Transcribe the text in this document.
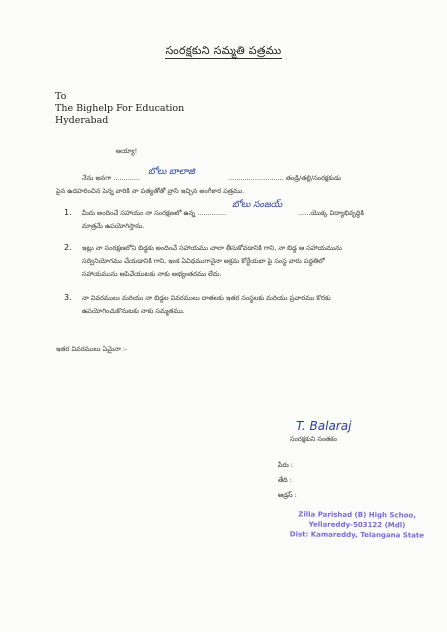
సంరక్షకుని సమ్మతి పత్రము
To
The Bighelp For Education
Hyderabad
అయ్యా!
నేను అనగా .............
బోలు బాలాజి
........................... తండ్రి/తల్లి/సంరక్షకుడు
పైన ఉదహరించిన పెన్న వారికి నా పత్యతోతో వ్రాసి ఇచ్చిన అంగీకార పత్రము.
1. మీరు అందించే సహాయం నా సంరక్షణలో ఉన్న ..............
బోలు సంజయ్
......యొక్క విద్యాభివృద్ధికి
మాత్రమే ఉపయోగిస్తాను.
2. ఇట్లు నా సంరక్షణలోని బిడ్డకు అందించే సహాయము చాలా తీసుకోవడానికి గాని, నా బిడ్డ ఆ సహాయమును
సద్వినియోగము చేయడానికి గాని, ఇంక ఏవిధముగానైనా అక్రమ కోర్టేయబా పై సంస్థ వారు పద్ధతిలో
సహాయమును ఆపివేయుటకు నాకు అభ్యంతరము లేదు.
3. నా వివరములు మరియు నా బిడ్డల వివరములు దాతలకు ఇతర సంస్థలకు మరియు ప్రచారము కొరకు
ఉపయోగించుకొనుటకు నాకు సమ్మతము.
ఇతర వివరములు ఏమైనా :-
T. Balaraj
సంరక్షకుని సంతకం
పేరు :
తేది :
అడ్రస్ :
Zilla Parishad (B) High Schoo,
Yellareddy-503122 (Mdl)
Dist: Kamareddy, Telangana State
